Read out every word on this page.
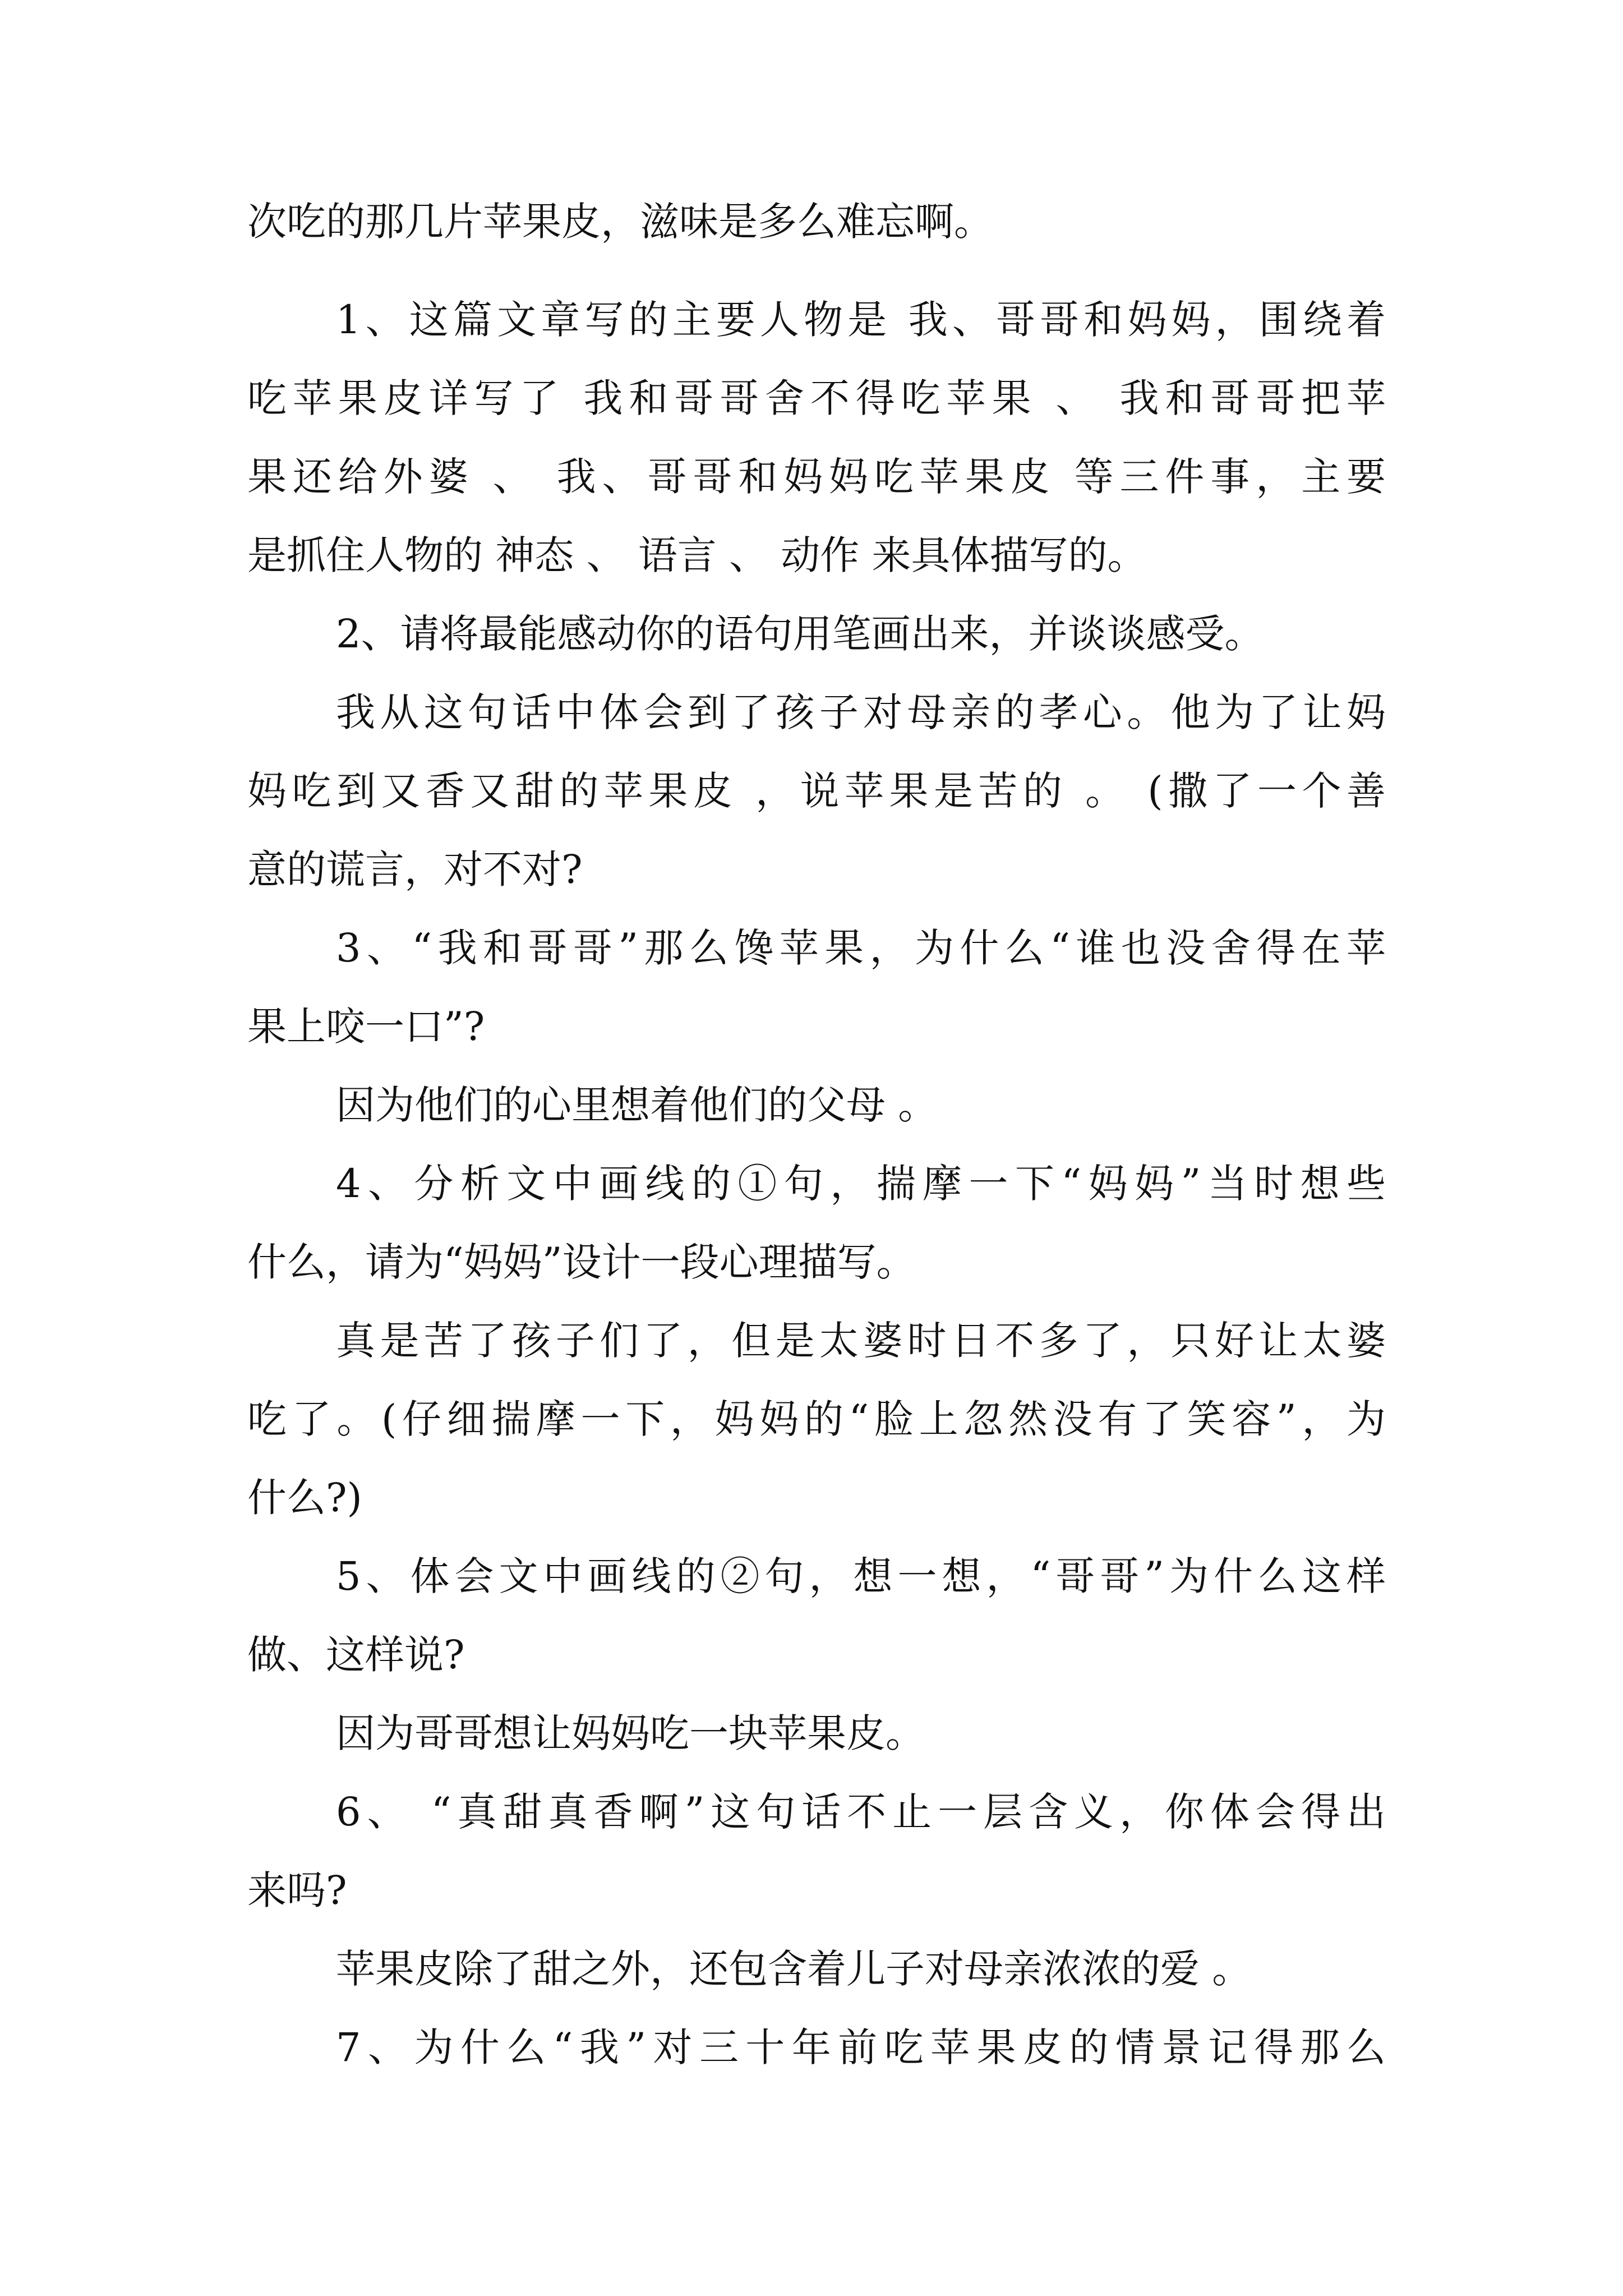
次吃的那几片苹果皮，滋味是多么难忘啊。
1、这篇文章写的主要人物是 我、哥哥和妈妈，围绕着
吃苹果皮详写了 我和哥哥舍不得吃苹果 、 我和哥哥把苹
果还给外婆 、 我、哥哥和妈妈吃苹果皮 等三件事，主要
是抓住人物的 神态 、 语言 、 动作 来具体描写的。
2、请将最能感动你的语句用笔画出来，并谈谈感受。
我从这句话中体会到了孩子对母亲的孝心。他为了让妈
妈吃到又香又甜的苹果皮 ，说苹果是苦的 。 (撒了一个善
意的谎言，对不对?
3、“我和哥哥”那么馋苹果，为什么“谁也没舍得在苹
果上咬一口”?
因为他们的心里想着他们的父母 。
4、分析文中画线的①句，揣摩一下“妈妈”当时想些
什么，请为“妈妈”设计一段心理描写。
真是苦了孩子们了，但是太婆时日不多了，只好让太婆
吃了。(仔细揣摩一下，妈妈的“脸上忽然没有了笑容”，为
什么?)
5、体会文中画线的②句，想一想，“哥哥”为什么这样
做、这样说?
因为哥哥想让妈妈吃一块苹果皮。
6、 “真甜真香啊”这句话不止一层含义，你体会得出
来吗?
苹果皮除了甜之外，还包含着儿子对母亲浓浓的爱 。
7、为什么“我”对三十年前吃苹果皮的情景记得那么
